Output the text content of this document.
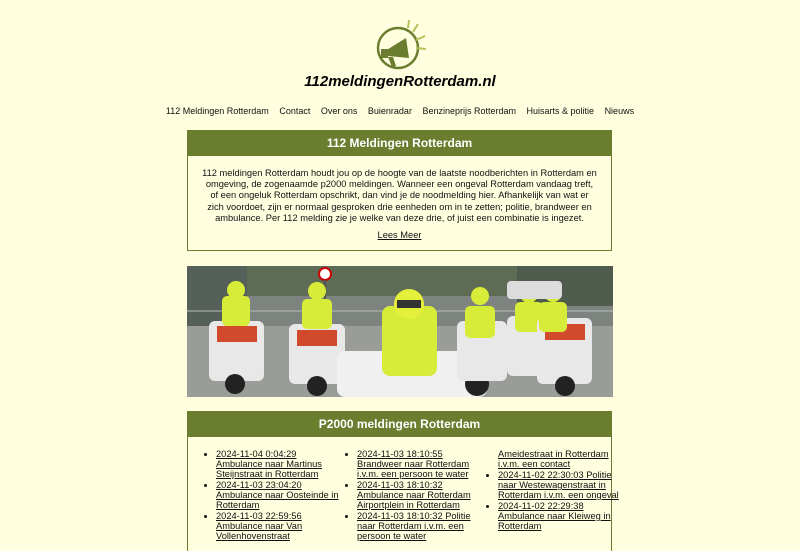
112meldingenRotterdam.nl
112 Meldingen Rotterdam Contact Over ons Buienradar Benzineprijs Rotterdam Huisarts & politie Nieuws
112 Meldingen Rotterdam

112 meldingen Rotterdam houdt jou op de hoogte van de laatste noodberichten in Rotterdam en omgeving, de zogenaamde p2000 meldingen. Wanneer een ongeval Rotterdam vandaag treft, of een ongeluk Rotterdam opschrikt, dan vind je de noodmelding hier. Afhankelijk van wat er zich voordoet, zijn er normaal gesproken drie eenheden om in te zetten; politie, brandweer en ambulance. Per 112 melding zie je welke van deze drie, of juist een combinatie is ingezet.

Lees Meer
P2000 meldingen Rotterdam
• 2024-11-04 0:04:29 Ambulance naar Martinus Steijnstraat in Rotterdam
• 2024-11-03 23:04:20 Ambulance naar Oosteinde in Rotterdam
• 2024-11-03 22:59:56 Ambulance naar Van Vollenhovenstraat
• 2024-11-03 18:10:55 Brandweer naar Rotterdam i.v.m. een persoon te water
• 2024-11-03 18:10:32 Ambulance naar Rotterdam Airportplein in Rotterdam
• 2024-11-03 18:10:32 Politie naar Rotterdam i.v.m. een persoon te water
Ameidestraat in Rotterdam i.v.m. een contact
• 2024-11-02 22:30:03 Politie naar Westewagenstraat in Rotterdam i.v.m. een ongeval
• 2024-11-02 22:29:38 Ambulance naar Kleiweg in Rotterdam
